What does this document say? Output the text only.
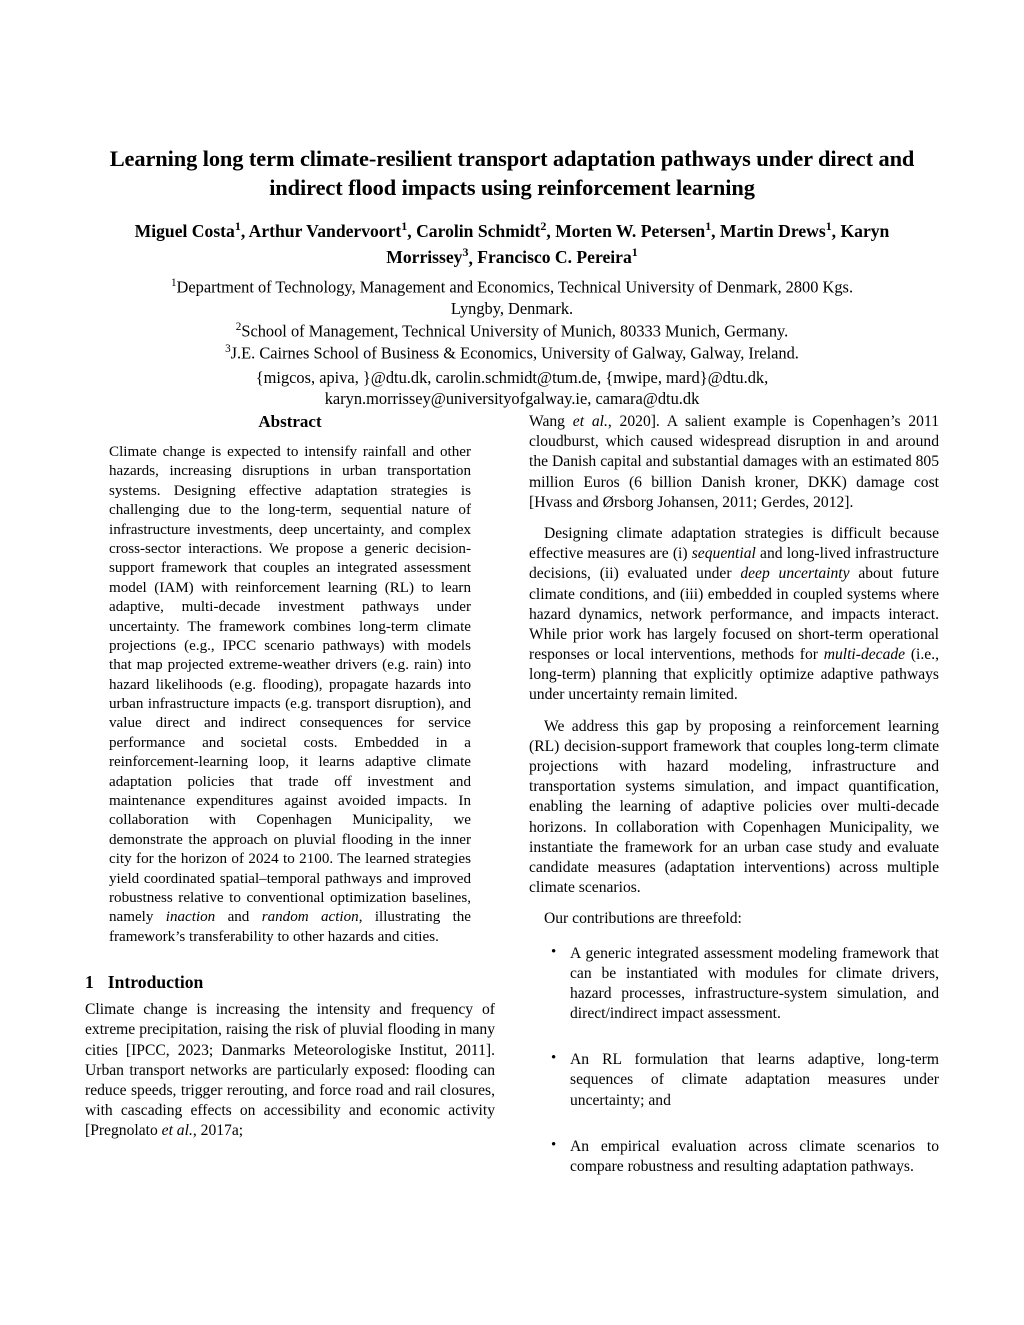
Learning long term climate-resilient transport adaptation pathways under direct and indirect flood impacts using reinforcement learning
Miguel Costa$^1$, Arthur Vandervoort$^1$, Carolin Schmidt$^2$, Morten W. Petersen$^1$, Martin Drews$^1$, Karyn Morrissey$^3$, Francisco C. Pereira$^1$
$^1$Department of Technology, Management and Economics, Technical University of Denmark, 2800 Kgs.
Lyngby, Denmark.
$^2$School of Management, Technical University of Munich, 80333 Munich, Germany.
$^3$J.E. Cairnes School of Business & Economics, University of Galway, Galway, Ireland.
{migcos, apiva, }@dtu.dk, carolin.schmidt@tum.de, {mwipe, mard}@dtu.dk,
karyn.morrissey@universityofgalway.ie, camara@dtu.dk
Abstract
Climate change is expected to intensify rainfall and other hazards, increasing disruptions in urban transportation systems. Designing effective adaptation strategies is challenging due to the long-term, sequential nature of infrastructure investments, deep uncertainty, and complex cross-sector interactions. We propose a generic decision-support framework that couples an integrated assessment model (IAM) with reinforcement learning (RL) to learn adaptive, multi-decade investment pathways under uncertainty. The framework combines long-term climate projections (e.g., IPCC scenario pathways) with models that map projected extreme-weather drivers (e.g. rain) into hazard likelihoods (e.g. flooding), propagate hazards into urban infrastructure impacts (e.g. transport disruption), and value direct and indirect consequences for service performance and societal costs. Embedded in a reinforcement-learning loop, it learns adaptive climate adaptation policies that trade off investment and maintenance expenditures against avoided impacts. In collaboration with Copenhagen Municipality, we demonstrate the approach on pluvial flooding in the inner city for the horizon of 2024 to 2100. The learned strategies yield coordinated spatial–temporal pathways and improved robustness relative to conventional optimization baselines, namely inaction and random action, illustrating the framework’s transferability to other hazards and cities.
1 Introduction

Climate change is increasing the intensity and frequency of extreme precipitation, raising the risk of pluvial flooding in many cities [IPCC, 2023; Danmarks Meteorologiske Institut, 2011]. Urban transport networks are particularly exposed: flooding can reduce speeds, trigger rerouting, and force road and rail closures, with cascading effects on accessibility and economic activity [Pregnolato et al., 2017a;

Wang et al., 2020]. A salient example is Copenhagen’s 2011 cloudburst, which caused widespread disruption in and around the Danish capital and substantial damages with an estimated 805 million Euros (6 billion Danish kroner, DKK) damage cost [Hvass and Ørsborg Johansen, 2011; Gerdes, 2012].

Designing climate adaptation strategies is difficult because effective measures are (i) sequential and long-lived infrastructure decisions, (ii) evaluated under deep uncertainty about future climate conditions, and (iii) embedded in coupled systems where hazard dynamics, network performance, and impacts interact. While prior work has largely focused on short-term operational responses or local interventions, methods for multi-decade (i.e., long-term) planning that explicitly optimize adaptive pathways under uncertainty remain limited.

We address this gap by proposing a reinforcement learning (RL) decision-support framework that couples long-term climate projections with hazard modeling, infrastructure and transportation systems simulation, and impact quantification, enabling the learning of adaptive policies over multi-decade horizons. In collaboration with Copenhagen Municipality, we instantiate the framework for an urban case study and evaluate candidate measures (adaptation interventions) across multiple climate scenarios.

Our contributions are threefold:

• A generic integrated assessment modeling framework that can be instantiated with modules for climate drivers, hazard processes, infrastructure-system simulation, and direct/indirect impact assessment.
• An RL formulation that learns adaptive, long-term sequences of climate adaptation measures under uncertainty; and
• An empirical evaluation across climate scenarios to compare robustness and resulting adaptation pathways.
